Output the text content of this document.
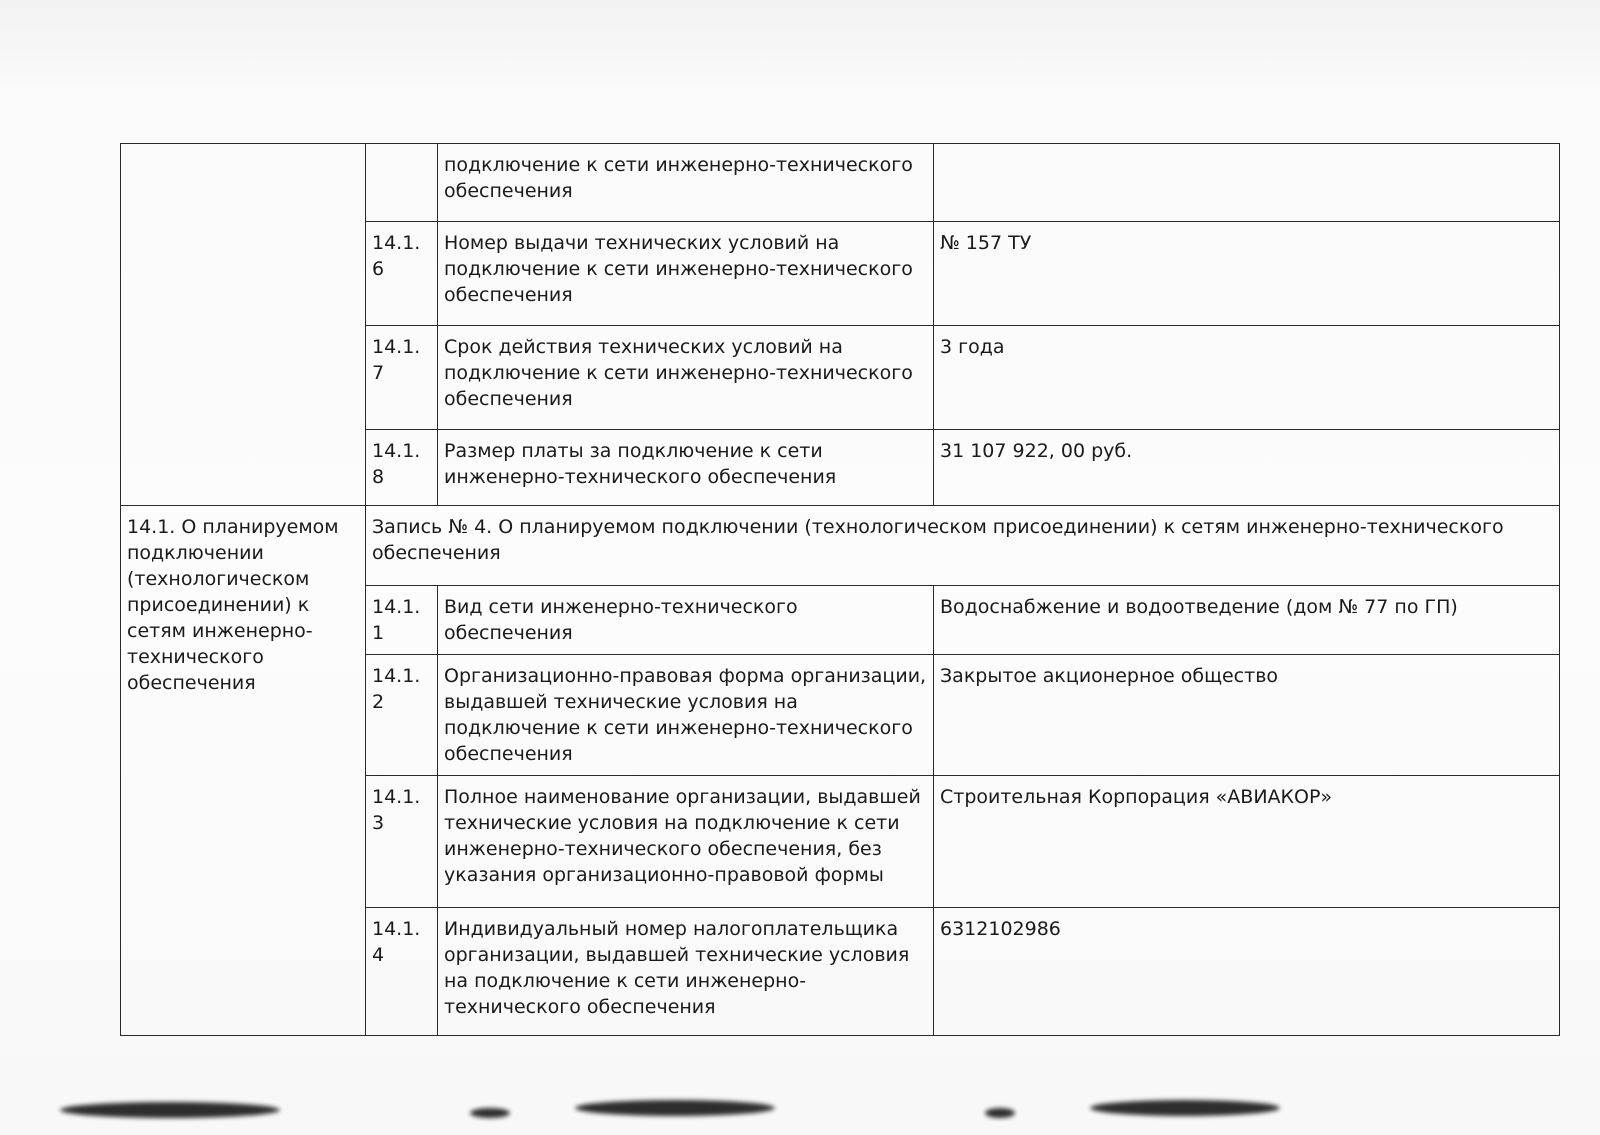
		подключение к сети инженерно-технического обеспечения	
	14.1.6	Номер выдачи технических условий на подключение к сети инженерно-технического обеспечения	№ 157 ТУ
	14.1.7	Срок действия технических условий на подключение к сети инженерно-технического обеспечения	3 года
	14.1.8	Размер платы за подключение к сети инженерно-технического обеспечения	31 107 922, 00 руб.
14.1. О планируемом подключении (технологическом присоединении) к сетям инженерно-технического обеспечения	Запись № 4. О планируемом подключении (технологическом присоединении) к сетям инженерно-технического обеспечения		
	14.1.1	Вид сети инженерно-технического обеспечения	Водоснабжение и водоотведение (дом № 77 по ГП)
	14.1.2	Организационно-правовая форма организации, выдавшей технические условия на подключение к сети инженерно-технического обеспечения	Закрытое акционерное общество
	14.1.3	Полное наименование организации, выдавшей технические условия на подключение к сети инженерно-технического обеспечения, без указания организационно-правовой формы	Строительная Корпорация «АВИАКОР»
	14.1.4	Индивидуальный номер налогоплательщика организации, выдавшей технические условия на подключение к сети инженерно-технического обеспечения	6312102986
